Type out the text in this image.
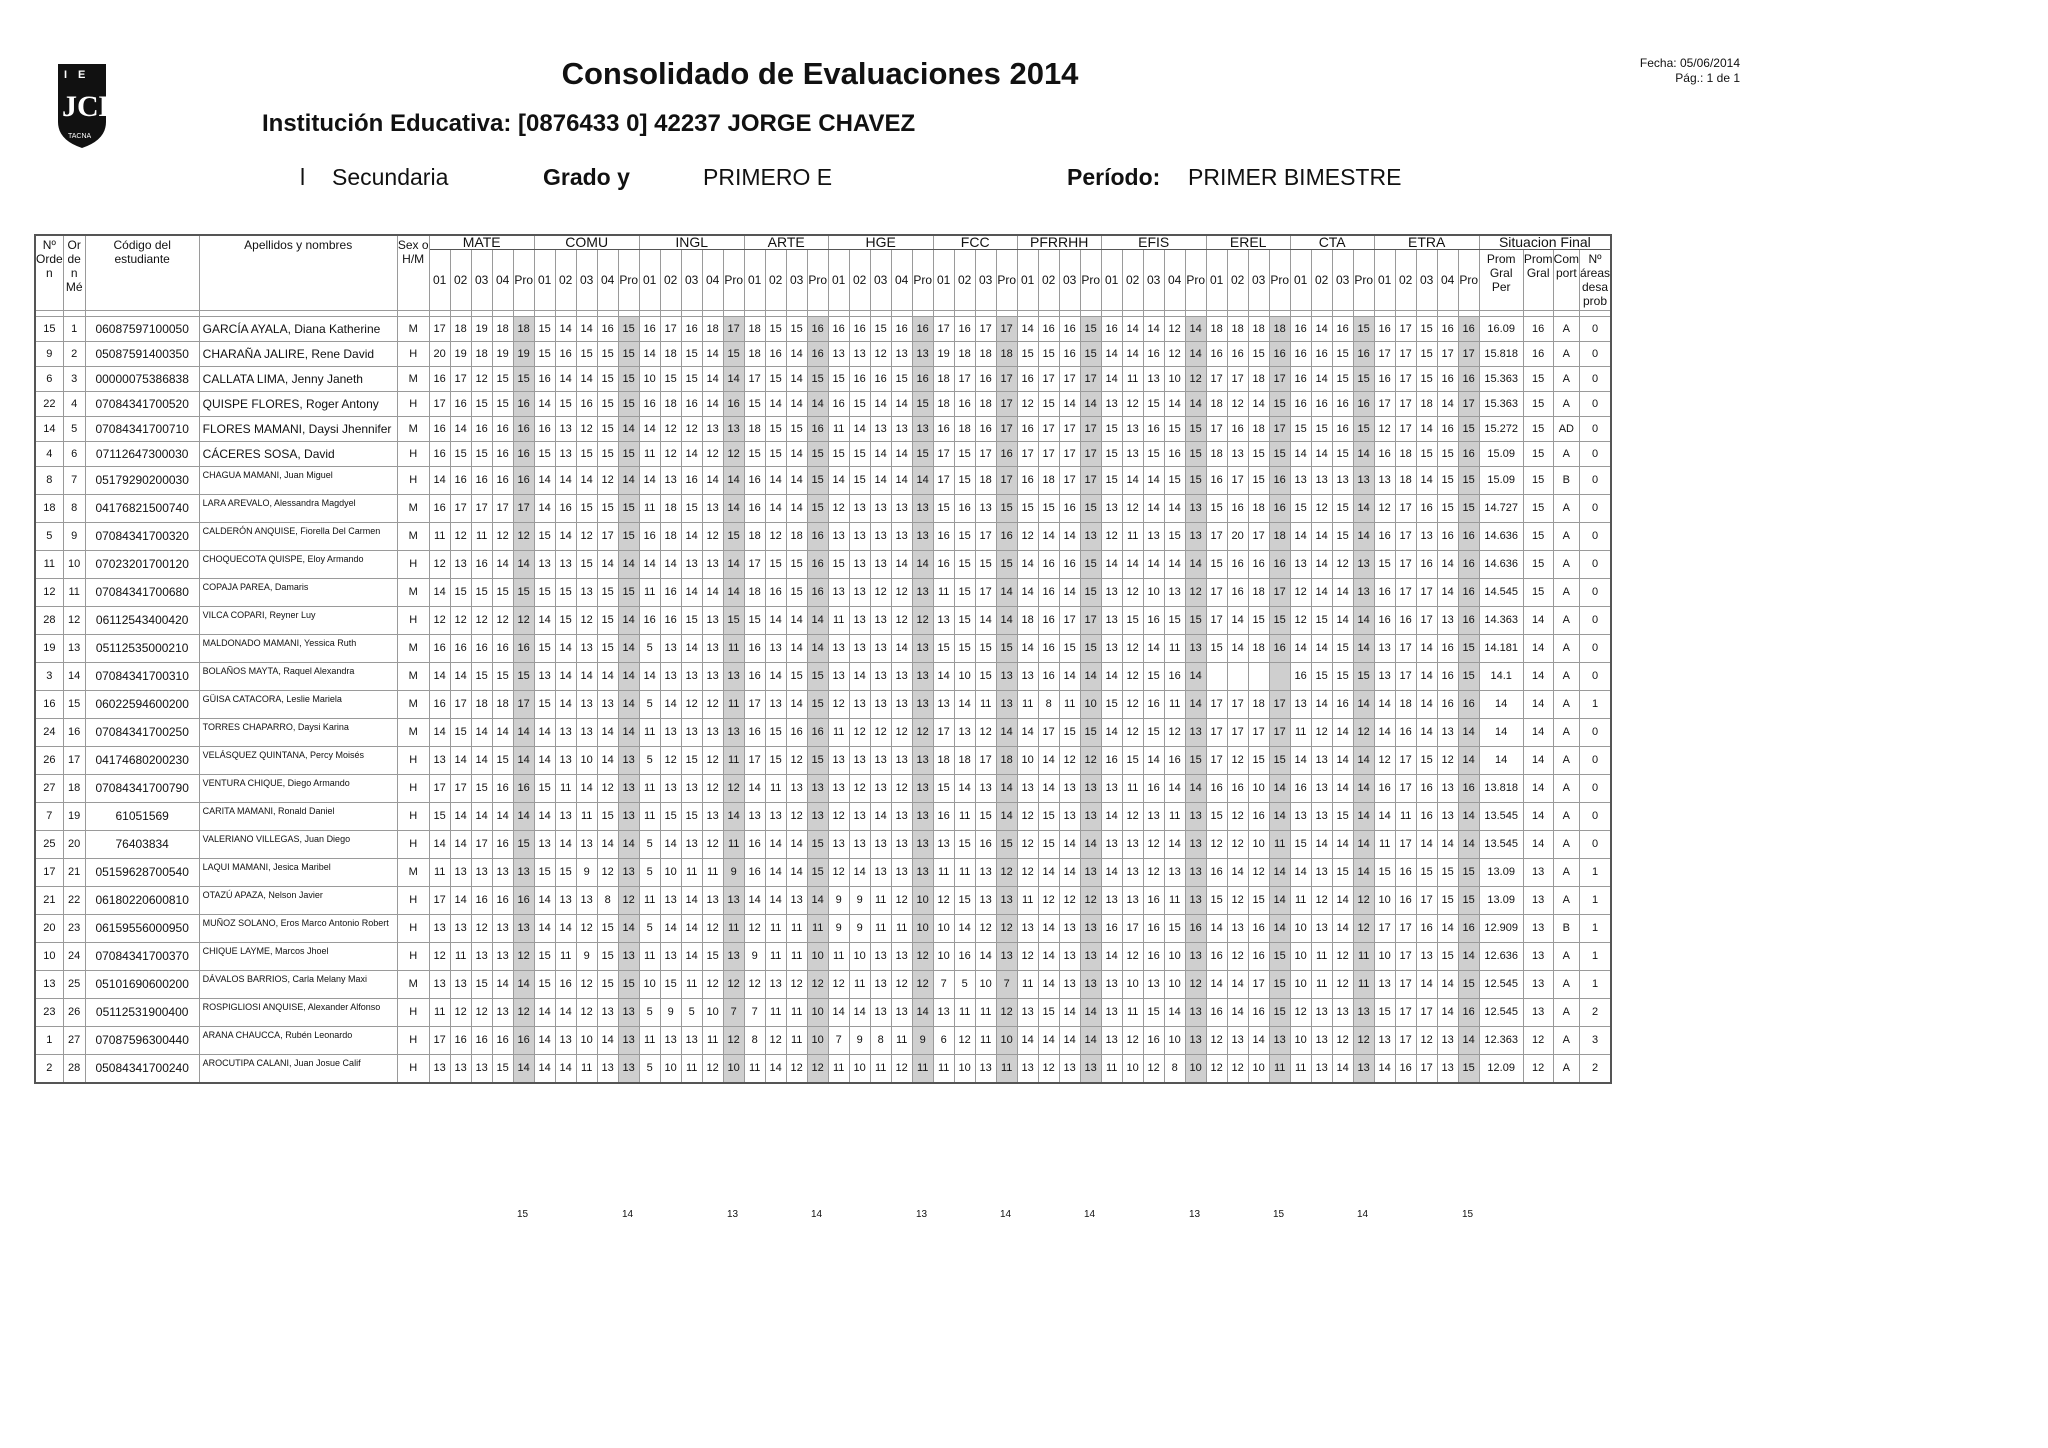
I E
JCH
TACNA
Consolidado de Evaluaciones 2014	Fecha: 05/06/2014
Pág.: 1 de 1
Institución Educativa: [0876433 0] 42237 JORGE CHAVEZ
l Secundaria	Grado y	PRIMERO E	Período: PRIMER BIMESTRE
Nº Orde n	Or de n Mé	Código del estudiante	Apellidos y nombres	Sex o H/M	MATE					COMU					INGL					ARTE				HGE					FCC				PFRRHH				EFIS					EREL				CTA				ETRA					Situacion Final			
					01	02	03	04	Pro	01	02	03	04	Pro	01	02	03	04	Pro	01	02	03	Pro	01	02	03	04	Pro	01	02	03	Pro	01	02	03	Pro	01	02	03	04	Pro	01	02	03	Pro	01	02	03	Pro	01	02	03	04	Pro	Prom Gral Per	Prom Gral	Com port	Nº áreas desa prob

15	1	06087597100050	GARCÍA AYALA, Diana Katherine	M	17	18	19	18	18	15	14	14	16	15	16	17	16	18	17	18	15	15	16	16	16	15	16	16	17	16	17	17	14	16	16	15	16	14	14	12	14	18	18	18	18	16	14	16	15	16	17	15	16	16	16.09	16	A	0
9	2	05087591400350	CHARAÑA JALIRE, Rene David	H	20	19	18	19	19	15	16	15	15	15	14	18	15	14	15	18	16	14	16	13	13	12	13	13	19	18	18	18	15	15	16	15	14	14	16	12	14	16	16	15	16	16	16	15	16	17	17	15	17	17	15.818	16	A	0
6	3	00000075386838	CALLATA LIMA, Jenny Janeth	M	16	17	12	15	15	16	14	14	15	15	10	15	15	14	14	17	15	14	15	15	16	16	15	16	18	17	16	17	16	17	17	17	14	11	13	10	12	17	17	18	17	16	14	15	15	16	17	15	16	16	15.363	15	A	0
22	4	07084341700520	QUISPE FLORES, Roger Antony	H	17	16	15	15	16	14	15	16	15	15	16	18	16	14	16	15	14	14	14	16	15	14	14	15	18	16	18	17	12	15	14	14	13	12	15	14	14	18	12	14	15	16	16	16	16	17	17	18	14	17	15.363	15	A	0
14	5	07084341700710	FLORES MAMANI, Daysi Jhennifer	M	16	14	16	16	16	16	13	12	15	14	14	12	12	13	13	18	15	15	16	11	14	13	13	13	16	18	16	17	16	17	17	17	15	13	16	15	15	17	16	18	17	15	15	16	15	12	17	14	16	15	15.272	15	AD	0
4	6	07112647300030	CÁCERES SOSA, David	H	16	15	15	16	16	15	13	15	15	15	11	12	14	12	12	15	15	14	15	15	15	14	14	15	17	15	17	16	17	17	17	17	15	13	15	16	15	18	13	15	15	14	14	15	14	16	18	15	15	16	15.09	15	A	0
8	7	05179290200030	CHAGUA MAMANI, Juan Miguel	H	14	16	16	16	16	14	14	14	12	14	14	13	16	14	14	16	14	14	15	14	15	14	14	14	17	15	18	17	16	18	17	17	15	14	14	15	15	16	17	15	16	13	13	13	13	13	18	14	15	15	15.09	15	B	0
18	8	04176821500740	LARA AREVALO, Alessandra Magdyel	M	16	17	17	17	17	14	16	15	15	15	11	18	15	13	14	16	14	14	15	12	13	13	13	13	15	16	13	15	15	15	16	15	13	12	14	14	13	15	16	18	16	15	12	15	14	12	17	16	15	15	14.727	15	A	0
5	9	07084341700320	CALDERÓN ANQUISE, Fiorella Del Carmen	M	11	12	11	12	12	15	14	12	17	15	16	18	14	12	15	18	12	18	16	13	13	13	13	13	16	15	17	16	12	14	14	13	12	11	13	15	13	17	20	17	18	14	14	15	14	16	17	13	16	16	14.636	15	A	0
11	10	07023201700120	CHOQUECOTA QUISPE, Eloy Armando	H	12	13	16	14	14	13	13	15	14	14	14	14	13	13	14	17	15	15	16	15	13	13	14	14	16	15	15	15	14	16	16	15	14	14	14	14	14	15	16	16	16	13	14	12	13	15	17	16	14	16	14.636	15	A	0
12	11	07084341700680	COPAJA PAREA, Damaris	M	14	15	15	15	15	15	15	13	15	15	11	16	14	14	14	18	16	15	16	13	13	12	12	13	11	15	17	14	14	16	14	15	13	12	10	13	12	17	16	18	17	12	14	14	13	16	17	17	14	16	14.545	15	A	0
28	12	06112543400420	VILCA COPARI, Reyner Luy	H	12	12	12	12	12	14	15	12	15	14	16	16	15	13	15	15	14	14	14	11	13	13	12	12	13	15	14	14	18	16	17	17	13	15	16	15	15	17	14	15	15	12	15	14	14	16	16	17	13	16	14.363	14	A	0
19	13	05112535000210	MALDONADO MAMANI, Yessica Ruth	M	16	16	16	16	16	15	14	13	15	14	5	13	14	13	11	16	13	14	14	13	13	13	14	13	15	15	15	15	14	16	15	15	13	12	14	11	13	15	14	18	16	14	14	15	14	13	17	14	16	15	14.181	14	A	0
3	14	07084341700310	BOLAÑOS MAYTA, Raquel Alexandra	M	14	14	15	15	15	13	14	14	14	14	14	13	13	13	13	16	14	15	15	13	14	13	13	13	14	10	15	13	13	16	14	14	14	12	15	16	14					16	15	15	15	13	17	14	16	15	14.1	14	A	0
16	15	06022594600200	GÜISA CATACORA, Leslie Mariela	M	16	17	18	18	17	15	14	13	13	14	5	14	12	12	11	17	13	14	15	12	13	13	13	13	13	14	11	13	11	8	11	10	15	12	16	11	14	17	17	18	17	13	14	16	14	14	18	14	16	16	14	14	A	1
24	16	07084341700250	TORRES CHAPARRO, Daysi Karina	M	14	15	14	14	14	14	13	13	14	14	11	13	13	13	13	16	15	16	16	11	12	12	12	12	17	13	12	14	14	17	15	15	14	12	15	12	13	17	17	17	17	11	12	14	12	14	16	14	13	14	14	14	A	0
26	17	04174680200230	VELÁSQUEZ QUINTANA, Percy Moisés	H	13	14	14	15	14	14	13	10	14	13	5	12	15	12	11	17	15	12	15	13	13	13	13	13	18	18	17	18	10	14	12	12	16	15	14	16	15	17	12	15	15	14	13	14	14	12	17	15	12	14	14	14	A	0
27	18	07084341700790	VENTURA CHIQUE, Diego Armando	H	17	17	15	16	16	15	11	14	12	13	11	13	13	12	12	14	11	13	13	13	12	13	12	13	15	14	13	14	13	14	13	13	13	11	16	14	14	16	16	10	14	16	13	14	14	16	17	16	13	16	13.818	14	A	0
7	19	61051569	CARITA MAMANI, Ronald Daniel	H	15	14	14	14	14	14	13	11	15	13	11	15	15	13	14	13	13	12	13	12	13	14	13	13	16	11	15	14	12	15	13	13	14	12	13	11	13	15	12	16	14	13	13	15	14	14	11	16	13	14	13.545	14	A	0
25	20	76403834	VALERIANO VILLEGAS, Juan Diego	H	14	14	17	16	15	13	14	13	14	14	5	14	13	12	11	16	14	14	15	13	13	13	13	13	13	15	16	15	12	15	14	14	13	13	12	14	13	12	12	10	11	15	14	14	14	11	17	14	14	14	13.545	14	A	0
17	21	05159628700540	LAQUI MAMANI, Jesica Maribel	M	11	13	13	13	13	15	15	9	12	13	5	10	11	11	9	16	14	14	15	12	14	13	13	13	11	11	13	12	12	14	14	13	14	13	12	13	13	16	14	12	14	14	13	15	14	15	16	15	15	15	13.09	13	A	1
21	22	06180220600810	OTAZÚ APAZA, Nelson Javier	H	17	14	16	16	16	14	13	13	8	12	11	13	14	13	13	14	14	13	14	9	9	11	12	10	12	15	13	13	11	12	12	12	13	13	16	11	13	15	12	15	14	11	12	14	12	10	16	17	15	15	13.09	13	A	1
20	23	06159556000950	MUÑOZ SOLANO, Eros Marco Antonio Robert	H	13	13	12	13	13	14	14	12	15	14	5	14	14	12	11	12	11	11	11	9	9	11	11	10	10	14	12	12	13	14	13	13	16	17	16	15	16	14	13	16	14	10	13	14	12	17	17	16	14	16	12.909	13	B	1
10	24	07084341700370	CHIQUE LAYME, Marcos Jhoel	H	12	11	13	13	12	15	11	9	15	13	11	13	14	15	13	9	11	11	10	11	10	13	13	12	10	16	14	13	12	14	13	13	14	12	16	10	13	16	12	16	15	10	11	12	11	10	17	13	15	14	12.636	13	A	1
13	25	05101690600200	DÁVALOS BARRIOS, Carla Melany Maxi	M	13	13	15	14	14	15	16	12	15	15	10	15	11	12	12	12	13	12	12	12	11	13	12	12	7	5	10	7	11	14	13	13	13	10	13	10	12	14	14	17	15	10	11	12	11	13	17	14	14	15	12.545	13	A	1
23	26	05112531900400	ROSPIGLIOSI ANQUISE, Alexander Alfonso	H	11	12	12	13	12	14	14	12	13	13	5	9	5	10	7	7	11	11	10	14	14	13	13	14	13	11	11	12	13	15	14	14	13	11	15	14	13	16	14	16	15	12	13	13	13	15	17	17	14	16	12.545	13	A	2
1	27	07087596300440	ARANA CHAUCCA, Rubén Leonardo	H	17	16	16	16	16	14	13	10	14	13	11	13	13	11	12	8	12	11	10	7	9	8	11	9	6	12	11	10	14	14	14	14	13	12	16	10	13	12	13	14	13	10	13	12	12	13	17	12	13	14	12.363	12	A	3
2	28	05084341700240	AROCUTIPA CALANI, Juan Josue Calif	H	13	13	13	15	14	14	14	11	13	13	5	10	11	12	10	11	14	12	12	11	10	11	12	11	11	10	13	11	13	12	13	13	11	10	12	8	10	12	12	10	11	11	13	14	13	14	16	17	13	15	12.09	12	A	2
									15					14					13				14					13				14				14					13				15				14					15				
